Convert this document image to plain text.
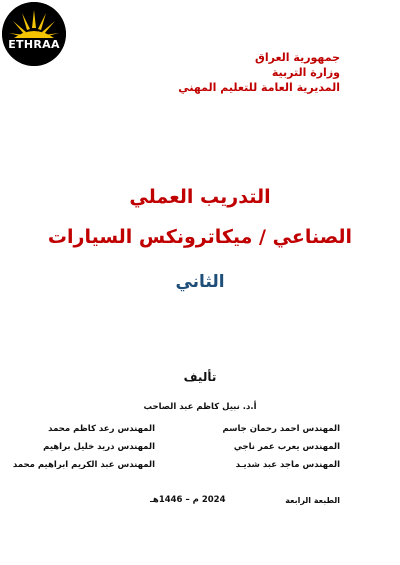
ETHRAA
جمهورية العراق
وزارة التربية
المديرية العامة للتعليم المهني
التدريب العملي
الصناعي / ميكاترونكس السيارات
الثاني
تأليف
أ.د. نبيل كاظم عبد الصاحب
المهندس احمد رحمان جاسم
المهندس رعد كاظم محمد
المهندس يعرب عمر ناجي
المهندس دريد خليل براهيم
المهندس ماجد عبد شديـد
المهندس عبد الكريم ابراهيم محمد
الطبعة الرابعة
2024 م – 1446هـ
